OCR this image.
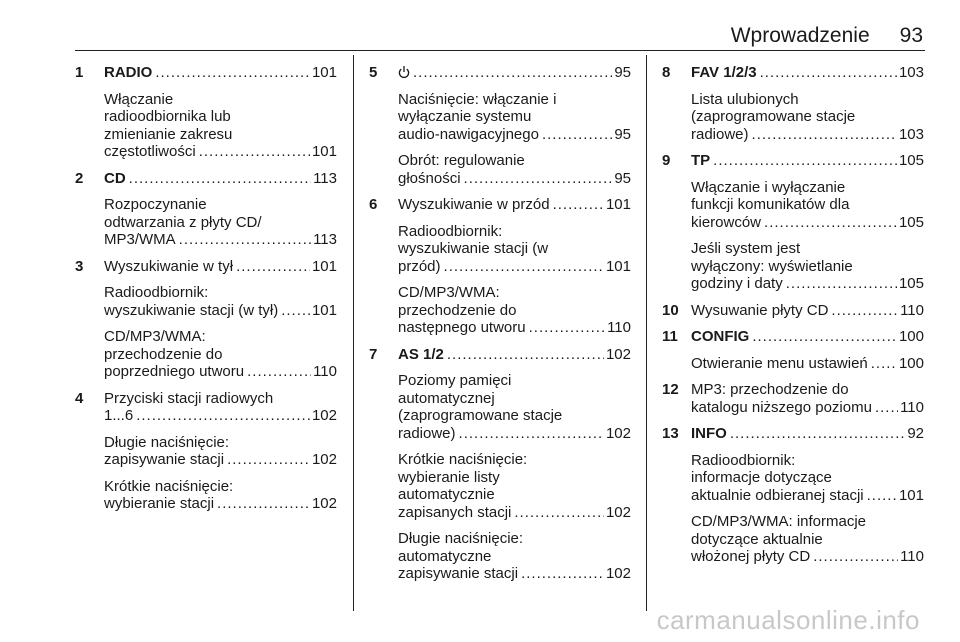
Wprowadzenie 93
1 RADIO .....	101
Włączanie
radioodbiornika lub
zmienianie zakresu
częstotliwości .....	101
2 CD .....	113
Rozpoczynanie
odtwarzania z płyty CD/
MP3/WMA .....	113
3 Wyszukiwanie w tył .....	101
Radioodbiornik:
wyszukiwanie stacji (w tył) ..... 101
CD/MP3/WMA:
przechodzenie do
poprzedniego utworu .....	110
4 Przyciski stacji radiowych
1...6 .....	102
Długie naciśnięcie:
zapisywanie stacji .....	102
Krótkie naciśnięcie:
wybieranie stacji .....	102
5 .....	95
Naciśnięcie: włączanie i
wyłączanie systemu
audio-nawigacyjnego .....	95
Obrót: regulowanie
głośności .....	95
6 Wyszukiwanie w przód .....	101
Radioodbiornik:
wyszukiwanie stacji (w
przód) .....	101
CD/MP3/WMA:
przechodzenie do
następnego utworu .....	110
7 AS 1/2 .....	102
Poziomy pamięci
automatycznej
(zaprogramowane stacje
radiowe) .....	102
Krótkie naciśnięcie:
wybieranie listy
automatycznie
zapisanych stacji .....	102
Długie naciśnięcie:
automatyczne
zapisywanie stacji .....	102
8 FAV 1/2/3 .....	103
Lista ulubionych
(zaprogramowane stacje
radiowe) .....	103
9 TP .....	105
Włączanie i wyłączanie
funkcji komunikatów dla
kierowców .....	105
Jeśli system jest
wyłączony: wyświetlanie
godziny i daty .....	105
10 Wysuwanie płyty CD .....	110
11 CONFIG .....	100
Otwieranie menu ustawień ..... 100
12 MP3: przechodzenie do
katalogu niższego poziomu ..... 110
13 INFO .....	92
Radioodbiornik:
informacje dotyczące
aktualnie odbieranej stacji ..... 101
CD/MP3/WMA: informacje
dotyczące aktualnie
włożonej płyty CD .....	110
carmanualsonline.info
